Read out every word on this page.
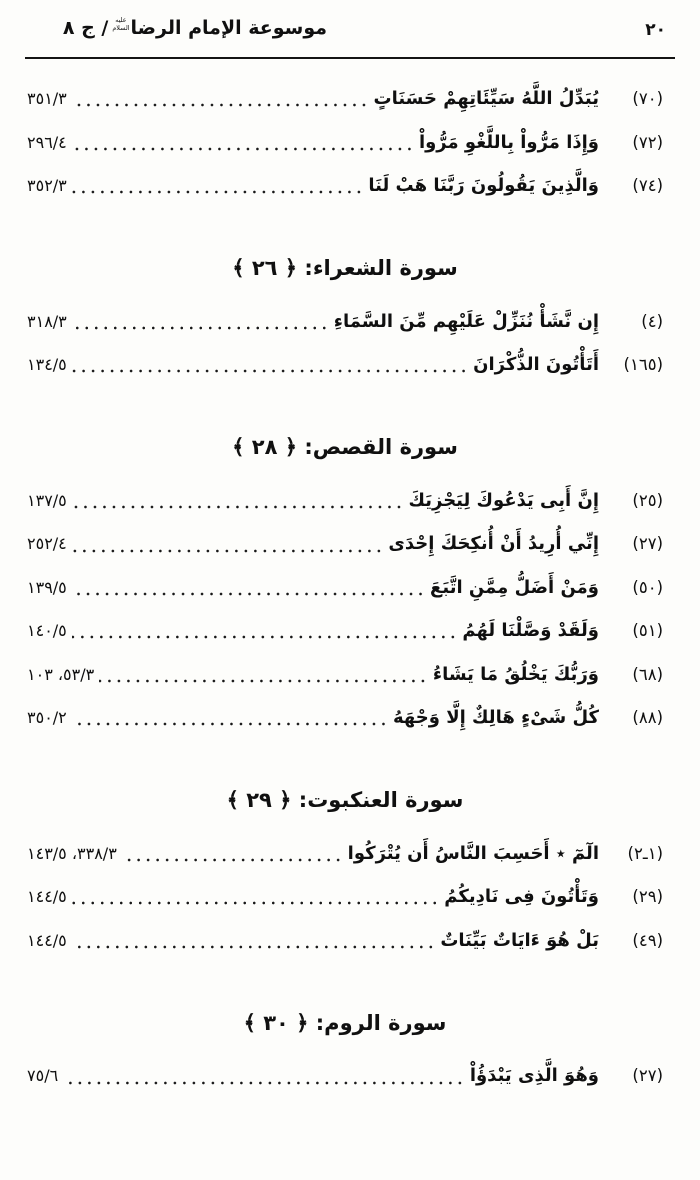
٢٠
موسوعة الإمام الرضا
عليه
السلام
/ ج ٨
(٧٠)
يُبَدِّلُ اللَّهُ سَيِّئَاتِهِمْ حَسَنَاتٍ
٣٥١/٣
(٧٢)
وَإِذَا مَرُّواْ بِاللَّغْوِ مَرُّواْ
٢٩٦/٤
(٧٤)
وَالَّذِينَ يَقُولُونَ رَبَّنَا هَبْ لَنَا
٣٥٢/٣
سورة الشعراء: ﴿ ٢٦ ﴾
(٤)
إِن نَّشَأْ نُنَزِّلْ عَلَيْهِم مِّنَ السَّمَاءِ
٣١٨/٣
(١٦٥)
أَتَأْتُونَ الذُّكْرَانَ
١٣٤/٥
سورة القصص: ﴿ ٢٨ ﴾
(٢٥)
إِنَّ أَبِى يَدْعُوكَ لِيَجْزِيَكَ
١٣٧/٥
(٢٧)
إِنِّي أُرِيدُ أَنْ أُنكِحَكَ إِحْدَى
٢٥٢/٤
(٥٠)
وَمَنْ أَضَلُّ مِمَّنِ اتَّبَعَ
١٣٩/٥
(٥١)
وَلَقَدْ وَصَّلْنَا لَهُمُ
١٤٠/٥
(٦٨)
وَرَبُّكَ يَخْلُقُ مَا يَشَاءُ
٥٣/٣، ١٠٣
(٨٨)
كُلُّ شَىْءٍ هَالِكٌ إِلَّا وَجْهَهُ
٣٥٠/٢
سورة العنكبوت: ﴿ ٢٩ ﴾
(١ـ٢)
الٓمٓ ٭ أَحَسِبَ النَّاسُ أَن يُتْرَكُوا
٣٣٨/٣، ١٤٣/٥
(٢٩)
وَتَأْتُونَ فِى نَادِيكُمُ
١٤٤/٥
(٤٩)
بَلْ هُوَ ءَايَاتٌ بَيِّنَاتٌ
١٤٤/٥
سورة الروم: ﴿ ٣٠ ﴾
(٢٧)
وَهُوَ الَّذِى يَبْدَؤُاْ
٧٥/٦
